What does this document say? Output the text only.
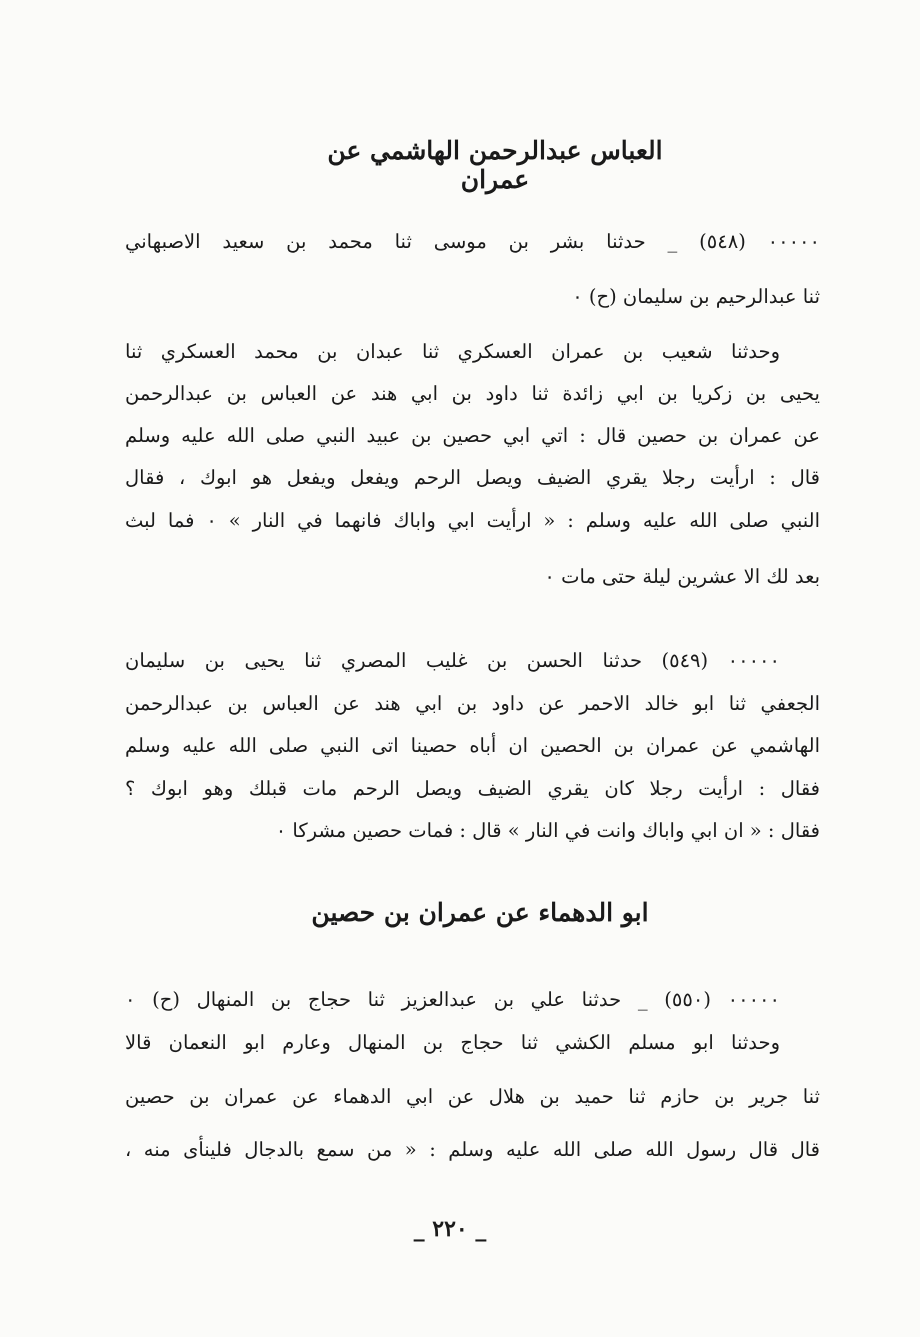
العباس عبدالرحمن الهاشمي عن عمران
٠٠٠٠٠ (٥٤٨) _ حدثنا بشر بن موسى ثنا محمد بن سعيد الاصبهاني
ثنا عبدالرحيم بن سليمان (ح) ٠
وحدثنا شعيب بن عمران العسكري ثنا عبدان بن محمد العسكري ثنا
يحيى بن زكريا بن ابي زائدة ثنا داود بن ابي هند عن العباس بن عبدالرحمن
عن عمران بن حصين قال : اتي ابي حصين بن عبيد النبي صلى الله عليه وسلم
قال : ارأيت رجلا يقري الضيف ويصل الرحم ويفعل ويفعل هو ابوك ، فقال
النبي صلى الله عليه وسلم : « ارأيت ابي واباك فانهما في النار » ٠ فما لبث
بعد لك الا عشرين ليلة حتى مات ٠
٠٠٠٠٠ (٥٤٩) حدثنا الحسن بن غليب المصري ثنا يحيى بن سليمان
الجعفي ثنا ابو خالد الاحمر عن داود بن ابي هند عن العباس بن عبدالرحمن
الهاشمي عن عمران بن الحصين ان أباه حصينا اتى النبي صلى الله عليه وسلم
فقال : ارأيت رجلا كان يقري الضيف ويصل الرحم مات قبلك وهو ابوك ؟
فقال : « ان ابي واباك وانت في النار » قال : فمات حصين مشركا ٠
ابو الدهماء عن عمران بن حصين
٠٠٠٠٠ (٥٥٠) _ حدثنا علي بن عبدالعزيز ثنا حجاج بن المنهال (ح) ٠
وحدثنا ابو مسلم الكشي ثنا حجاج بن المنهال وعارم ابو النعمان قالا
ثنا جرير بن حازم ثنا حميد بن هلال عن ابي الدهماء عن عمران بن حصين
قال قال رسول الله صلى الله عليه وسلم : « من سمع بالدجال فلينأى منه ،
_ ٢٢٠ _
